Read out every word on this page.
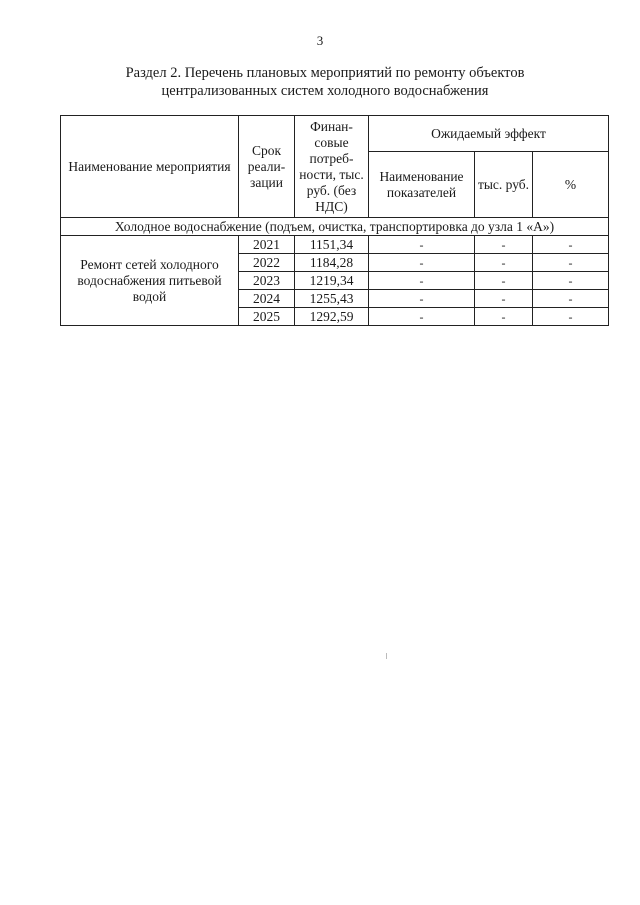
3
Раздел 2. Перечень плановых мероприятий по ремонту объектов
централизованных систем холодного водоснабжения
Наименование мероприятия	Срок реали-зации	Финан-совые потреб-ности, тыс. руб. (без НДС)	Ожидаемый эффект		
			Наименование показателей	тыс. руб.	%
Холодное водоснабжение (подъем, очистка, транспортировка до узла 1 «А»)					
Ремонт сетей холодного водоснабжения питьевой водой	2021	1151,34	-	-	-
	2022	1184,28	-	-	-
	2023	1219,34	-	-	-
	2024	1255,43	-	-	-
	2025	1292,59	-	-	-
